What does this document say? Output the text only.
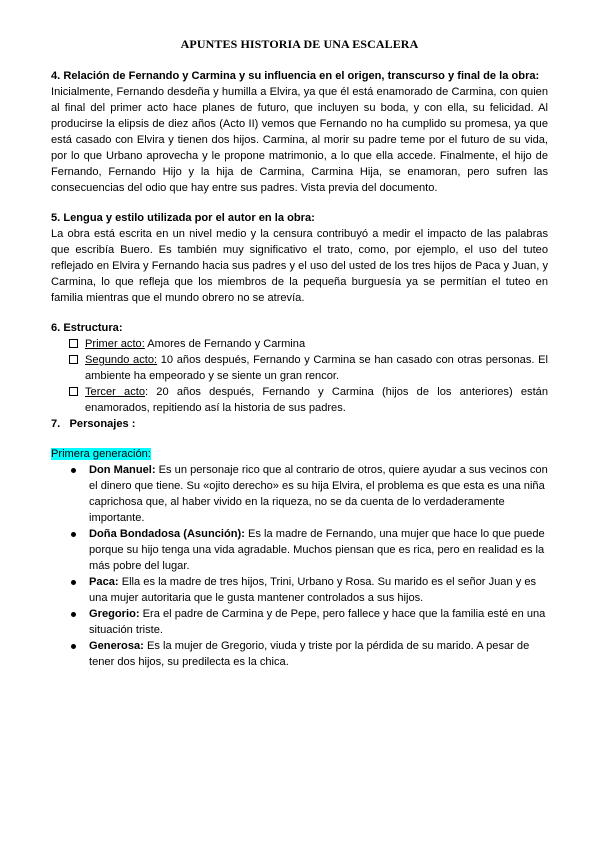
APUNTES HISTORIA DE UNA ESCALERA

4. Relación de Fernando y Carmina y su influencia en el origen, transcurso y final de la obra:

Inicialmente, Fernando desdeña y humilla a Elvira, ya que él está enamorado de Carmina, con quien al final del primer acto hace planes de futuro, que incluyen su boda, y con ella, su felicidad. Al producirse la elipsis de diez años (Acto II) vemos que Fernando no ha cumplido su promesa, ya que está casado con Elvira y tienen dos hijos. Carmina, al morir su padre teme por el futuro de su vida, por lo que Urbano aprovecha y le propone matrimonio, a lo que ella accede. Finalmente, el hijo de Fernando, Fernando Hijo y la hija de Carmina, Carmina Hija, se enamoran, pero sufren las consecuencias del odio que hay entre sus padres. Vista previa del documento.

5. Lengua y estilo utilizada por el autor en la obra:

La obra está escrita en un nivel medio y la censura contribuyó a medir el impacto de las palabras que escribía Buero. Es también muy significativo el trato, como, por ejemplo, el uso del tuteo reflejado en Elvira y Fernando hacia sus padres y el uso del usted de los tres hijos de Paca y Juan, y Carmina, lo que refleja que los miembros de la pequeña burguesía ya se permitían el tuteo en familia mientras que el mundo obrero no se atrevía.

6. Estructura:

Primer acto: Amores de Fernando y Carmina
Segundo acto: 10 años después, Fernando y Carmina se han casado con otras personas. El ambiente ha empeorado y se siente un gran rencor.
Tercer acto: 20 años después, Fernando y Carmina (hijos de los anteriores) están enamorados, repitiendo así la historia de sus padres.

7.   Personajes :

Primera generación:

Don Manuel: Es un personaje rico que al contrario de otros, quiere ayudar a sus vecinos con el dinero que tiene. Su «ojito derecho» es su hija Elvira, el problema es que esta es una niña caprichosa que, al haber vivido en la riqueza, no se da cuenta de lo verdaderamente importante.
Doña Bondadosa (Asunción): Es la madre de Fernando, una mujer que hace lo que puede porque su hijo tenga una vida agradable. Muchos piensan que es rica, pero en realidad es la más pobre del lugar.
Paca: Ella es la madre de tres hijos, Trini, Urbano y Rosa. Su marido es el señor Juan y es una mujer autoritaria que le gusta mantener controlados a sus hijos.
Gregorio: Era el padre de Carmina y de Pepe, pero fallece y hace que la familia esté en una situación triste.
Generosa: Es la mujer de Gregorio, viuda y triste por la pérdida de su marido. A pesar de tener dos hijos, su predilecta es la chica.
